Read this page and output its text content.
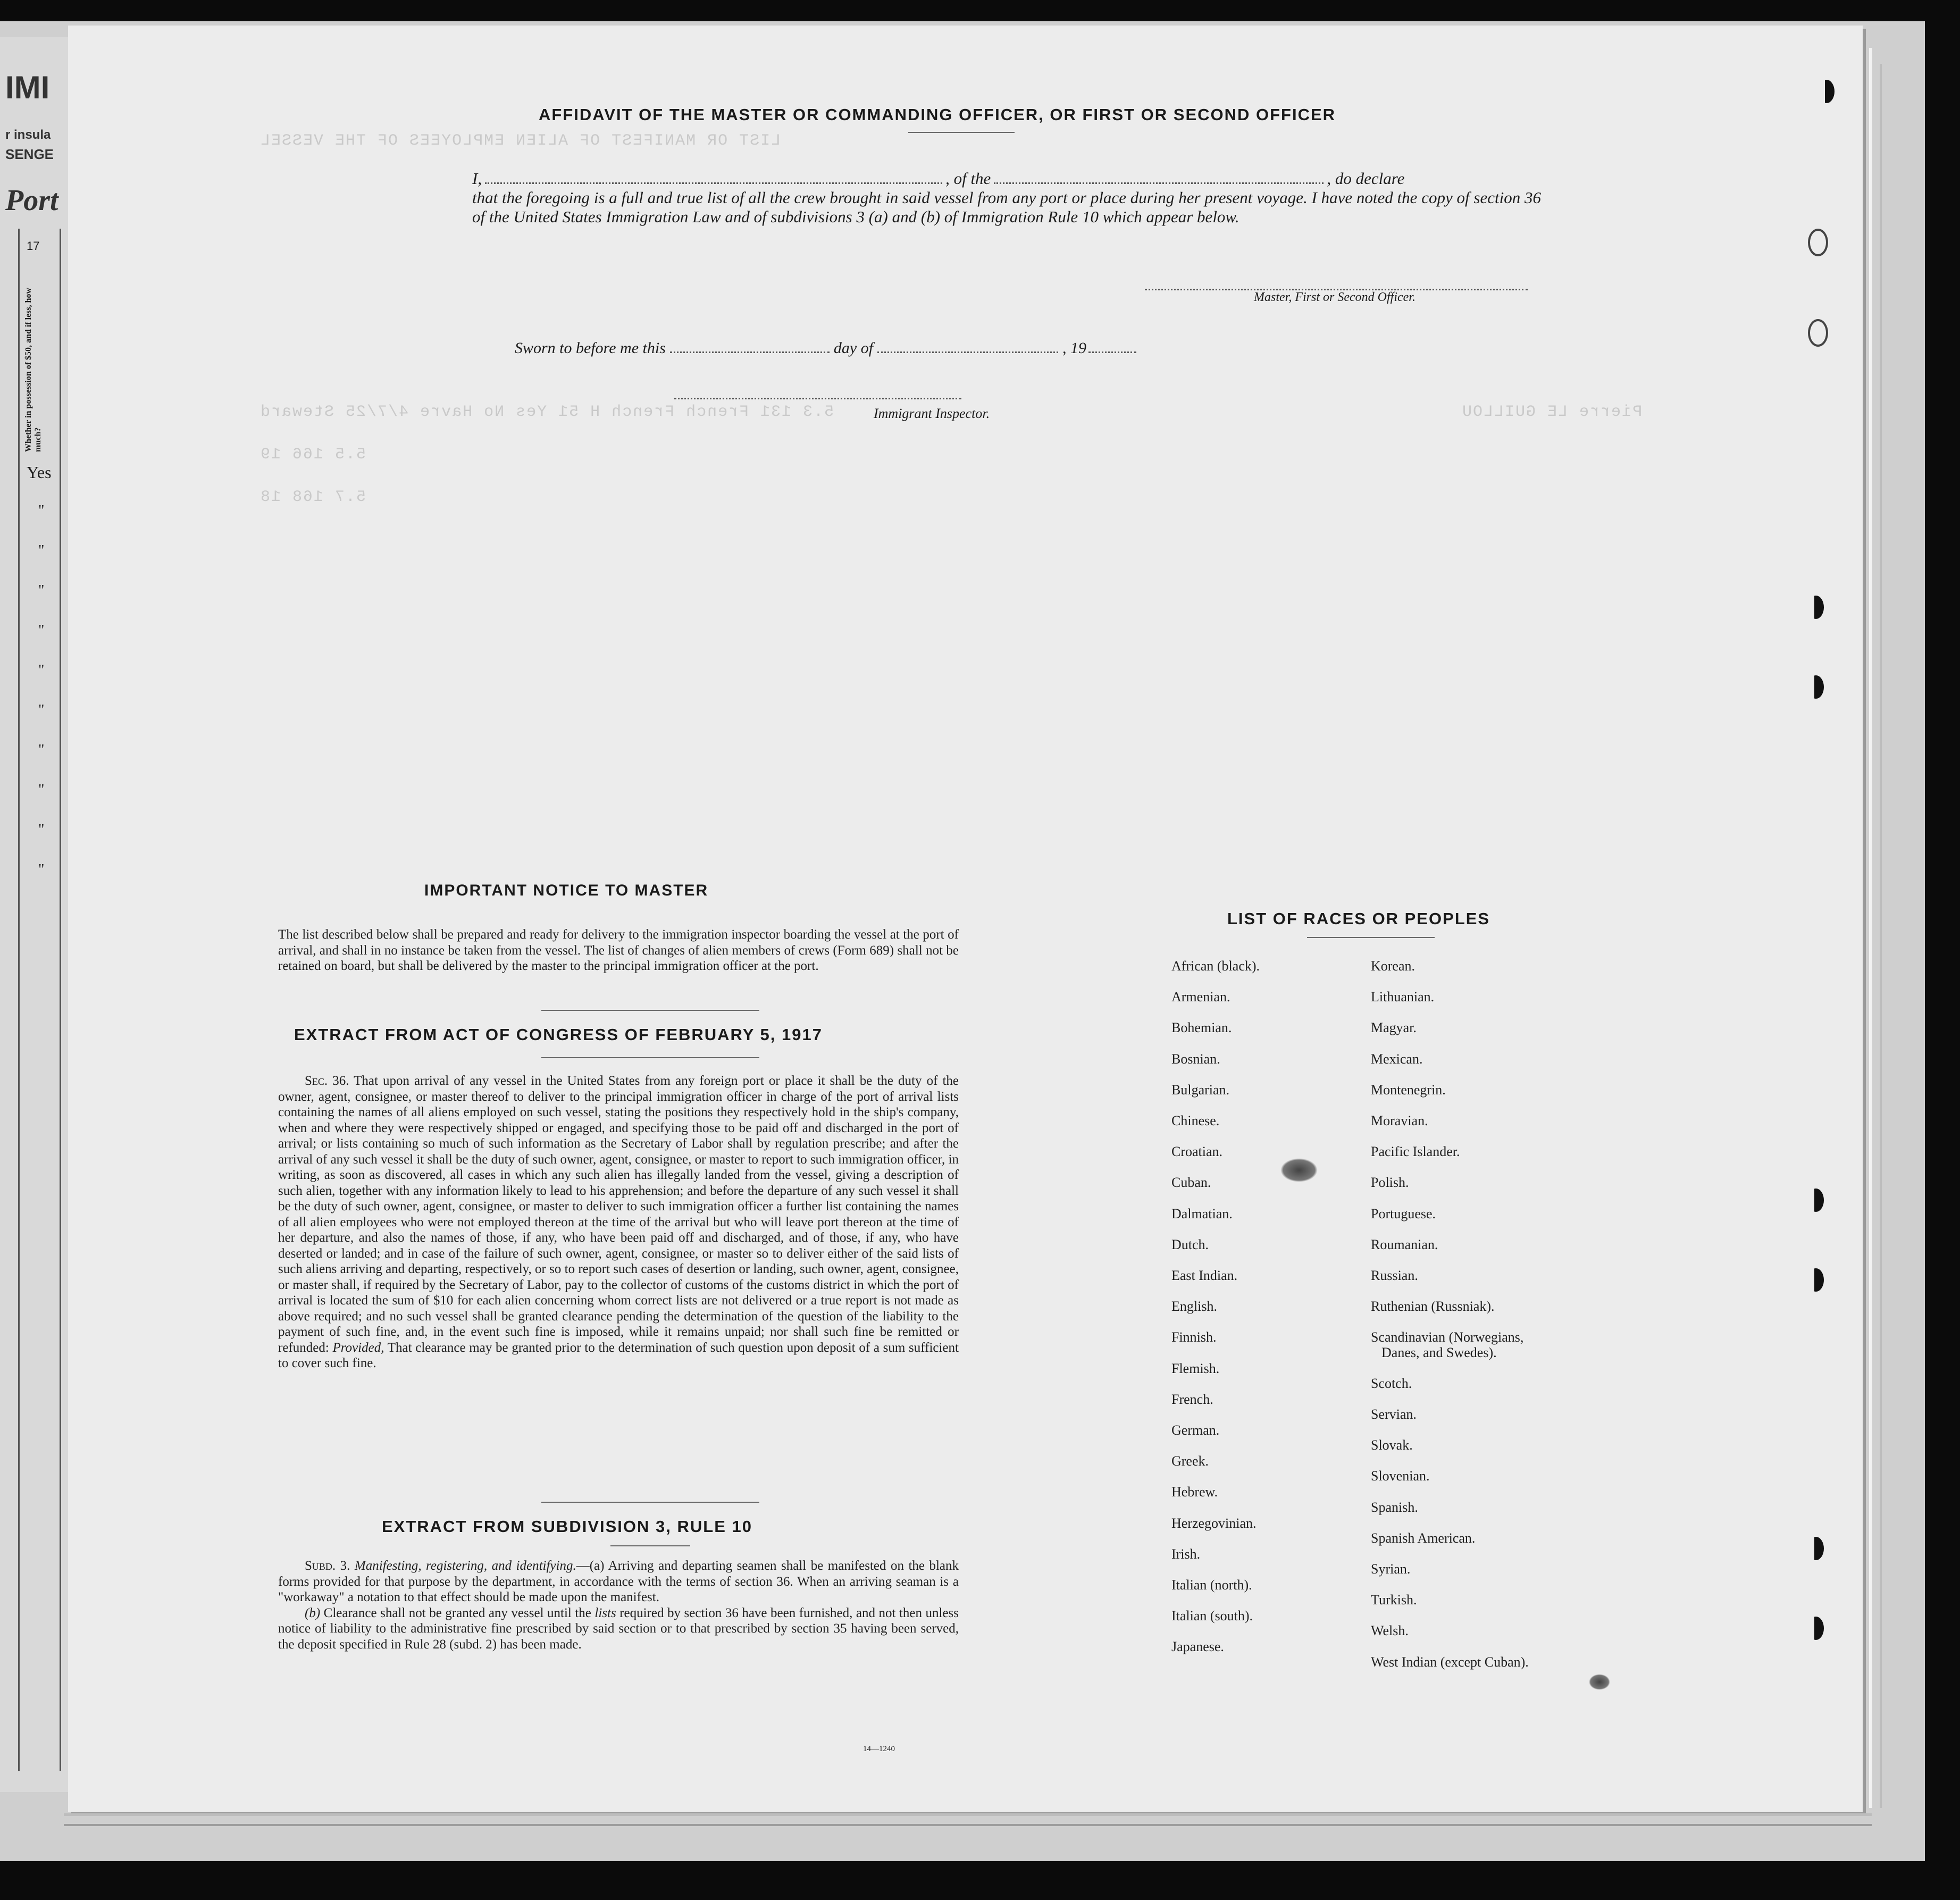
IMI
r insula
SENGE
Port
17
Whether in possession of $50, and if less, how much?
Yes
"
"
"
"
"
"
"
"
"
"
LIST OR MANIFEST OF ALIEN EMPLOYEES OF THE VESSEL
5.3 131 French French H 51 Yes No Havre 4/7/25 Steward
5.5 166 19
5.7 168 18
Pierre LE GUILLOU
AFFIDAVIT OF THE MASTER OR COMMANDING OFFICER, OR FIRST OR SECOND OFFICER
I,	, of the	, do declare
that the foregoing is a full and true list of all the crew brought in said vessel from any port or place during her present voyage. I have noted the copy of section 36 of the United States Immigration Law and of subdivisions 3 (a) and (b) of Immigration Rule 10 which appear below.
Master, First or Second Officer.
Sworn to before me this	day of	, 19
Immigrant Inspector.
IMPORTANT NOTICE TO MASTER
The list described below shall be prepared and ready for delivery to the immigration inspector boarding the vessel at the port of arrival, and shall in no instance be taken from the vessel. The list of changes of alien members of crews (Form 689) shall not be retained on board, but shall be delivered by the master to the principal immigration officer at the port.
EXTRACT FROM ACT OF CONGRESS OF FEBRUARY 5, 1917
Sec. 36. That upon arrival of any vessel in the United States from any foreign port or place it shall be the duty of the owner, agent, consignee, or master thereof to deliver to the principal immigration officer in charge of the port of arrival lists containing the names of all aliens employed on such vessel, stating the positions they respectively hold in the ship's company, when and where they were respectively shipped or engaged, and specifying those to be paid off and discharged in the port of arrival; or lists containing so much of such information as the Secretary of Labor shall by regulation prescribe; and after the arrival of any such vessel it shall be the duty of such owner, agent, consignee, or master to report to such immigration officer, in writing, as soon as discovered, all cases in which any such alien has illegally landed from the vessel, giving a description of such alien, together with any information likely to lead to his apprehension; and before the departure of any such vessel it shall be the duty of such owner, agent, consignee, or master to deliver to such immigration officer a further list containing the names of all alien employees who were not employed thereon at the time of the arrival but who will leave port thereon at the time of her departure, and also the names of those, if any, who have been paid off and discharged, and of those, if any, who have deserted or landed; and in case of the failure of such owner, agent, consignee, or master so to deliver either of the said lists of such aliens arriving and departing, respectively, or so to report such cases of desertion or landing, such owner, agent, consignee, or master shall, if required by the Secretary of Labor, pay to the collector of customs of the customs district in which the port of arrival is located the sum of $10 for each alien concerning whom correct lists are not delivered or a true report is not made as above required; and no such vessel shall be granted clearance pending the determination of the question of the liability to the payment of such fine, and, in the event such fine is imposed, while it remains unpaid; nor shall such fine be remitted or refunded: Provided, That clearance may be granted prior to the determination of such question upon deposit of a sum sufficient to cover such fine.
EXTRACT FROM SUBDIVISION 3, RULE 10
Subd. 3. Manifesting, registering, and identifying.—(a) Arriving and departing seamen shall be manifested on the blank forms provided for that purpose by the department, in accordance with the terms of section 36. When an arriving seaman is a "workaway" a notation to that effect should be made upon the manifest.
(b) Clearance shall not be granted any vessel until the lists required by section 36 have been furnished, and not then unless notice of liability to the administrative fine prescribed by said section or to that prescribed by section 35 having been served, the deposit specified in Rule 28 (subd. 2) has been made.
14—1240
LIST OF RACES OR PEOPLES
African (black).
Armenian.
Bohemian.
Bosnian.
Bulgarian.
Chinese.
Croatian.
Cuban.
Dalmatian.
Dutch.
East Indian.
English.
Finnish.
Flemish.
French.
German.
Greek.
Hebrew.
Herzegovinian.
Irish.
Italian (north).
Italian (south).
Japanese.
Korean.
Lithuanian.
Magyar.
Mexican.
Montenegrin.
Moravian.
Pacific Islander.
Polish.
Portuguese.
Roumanian.
Russian.
Ruthenian (Russniak).
Scandinavian (Norwegians,
Danes, and Swedes).
Scotch.
Servian.
Slovak.
Slovenian.
Spanish.
Spanish American.
Syrian.
Turkish.
Welsh.
West Indian (except Cuban).
